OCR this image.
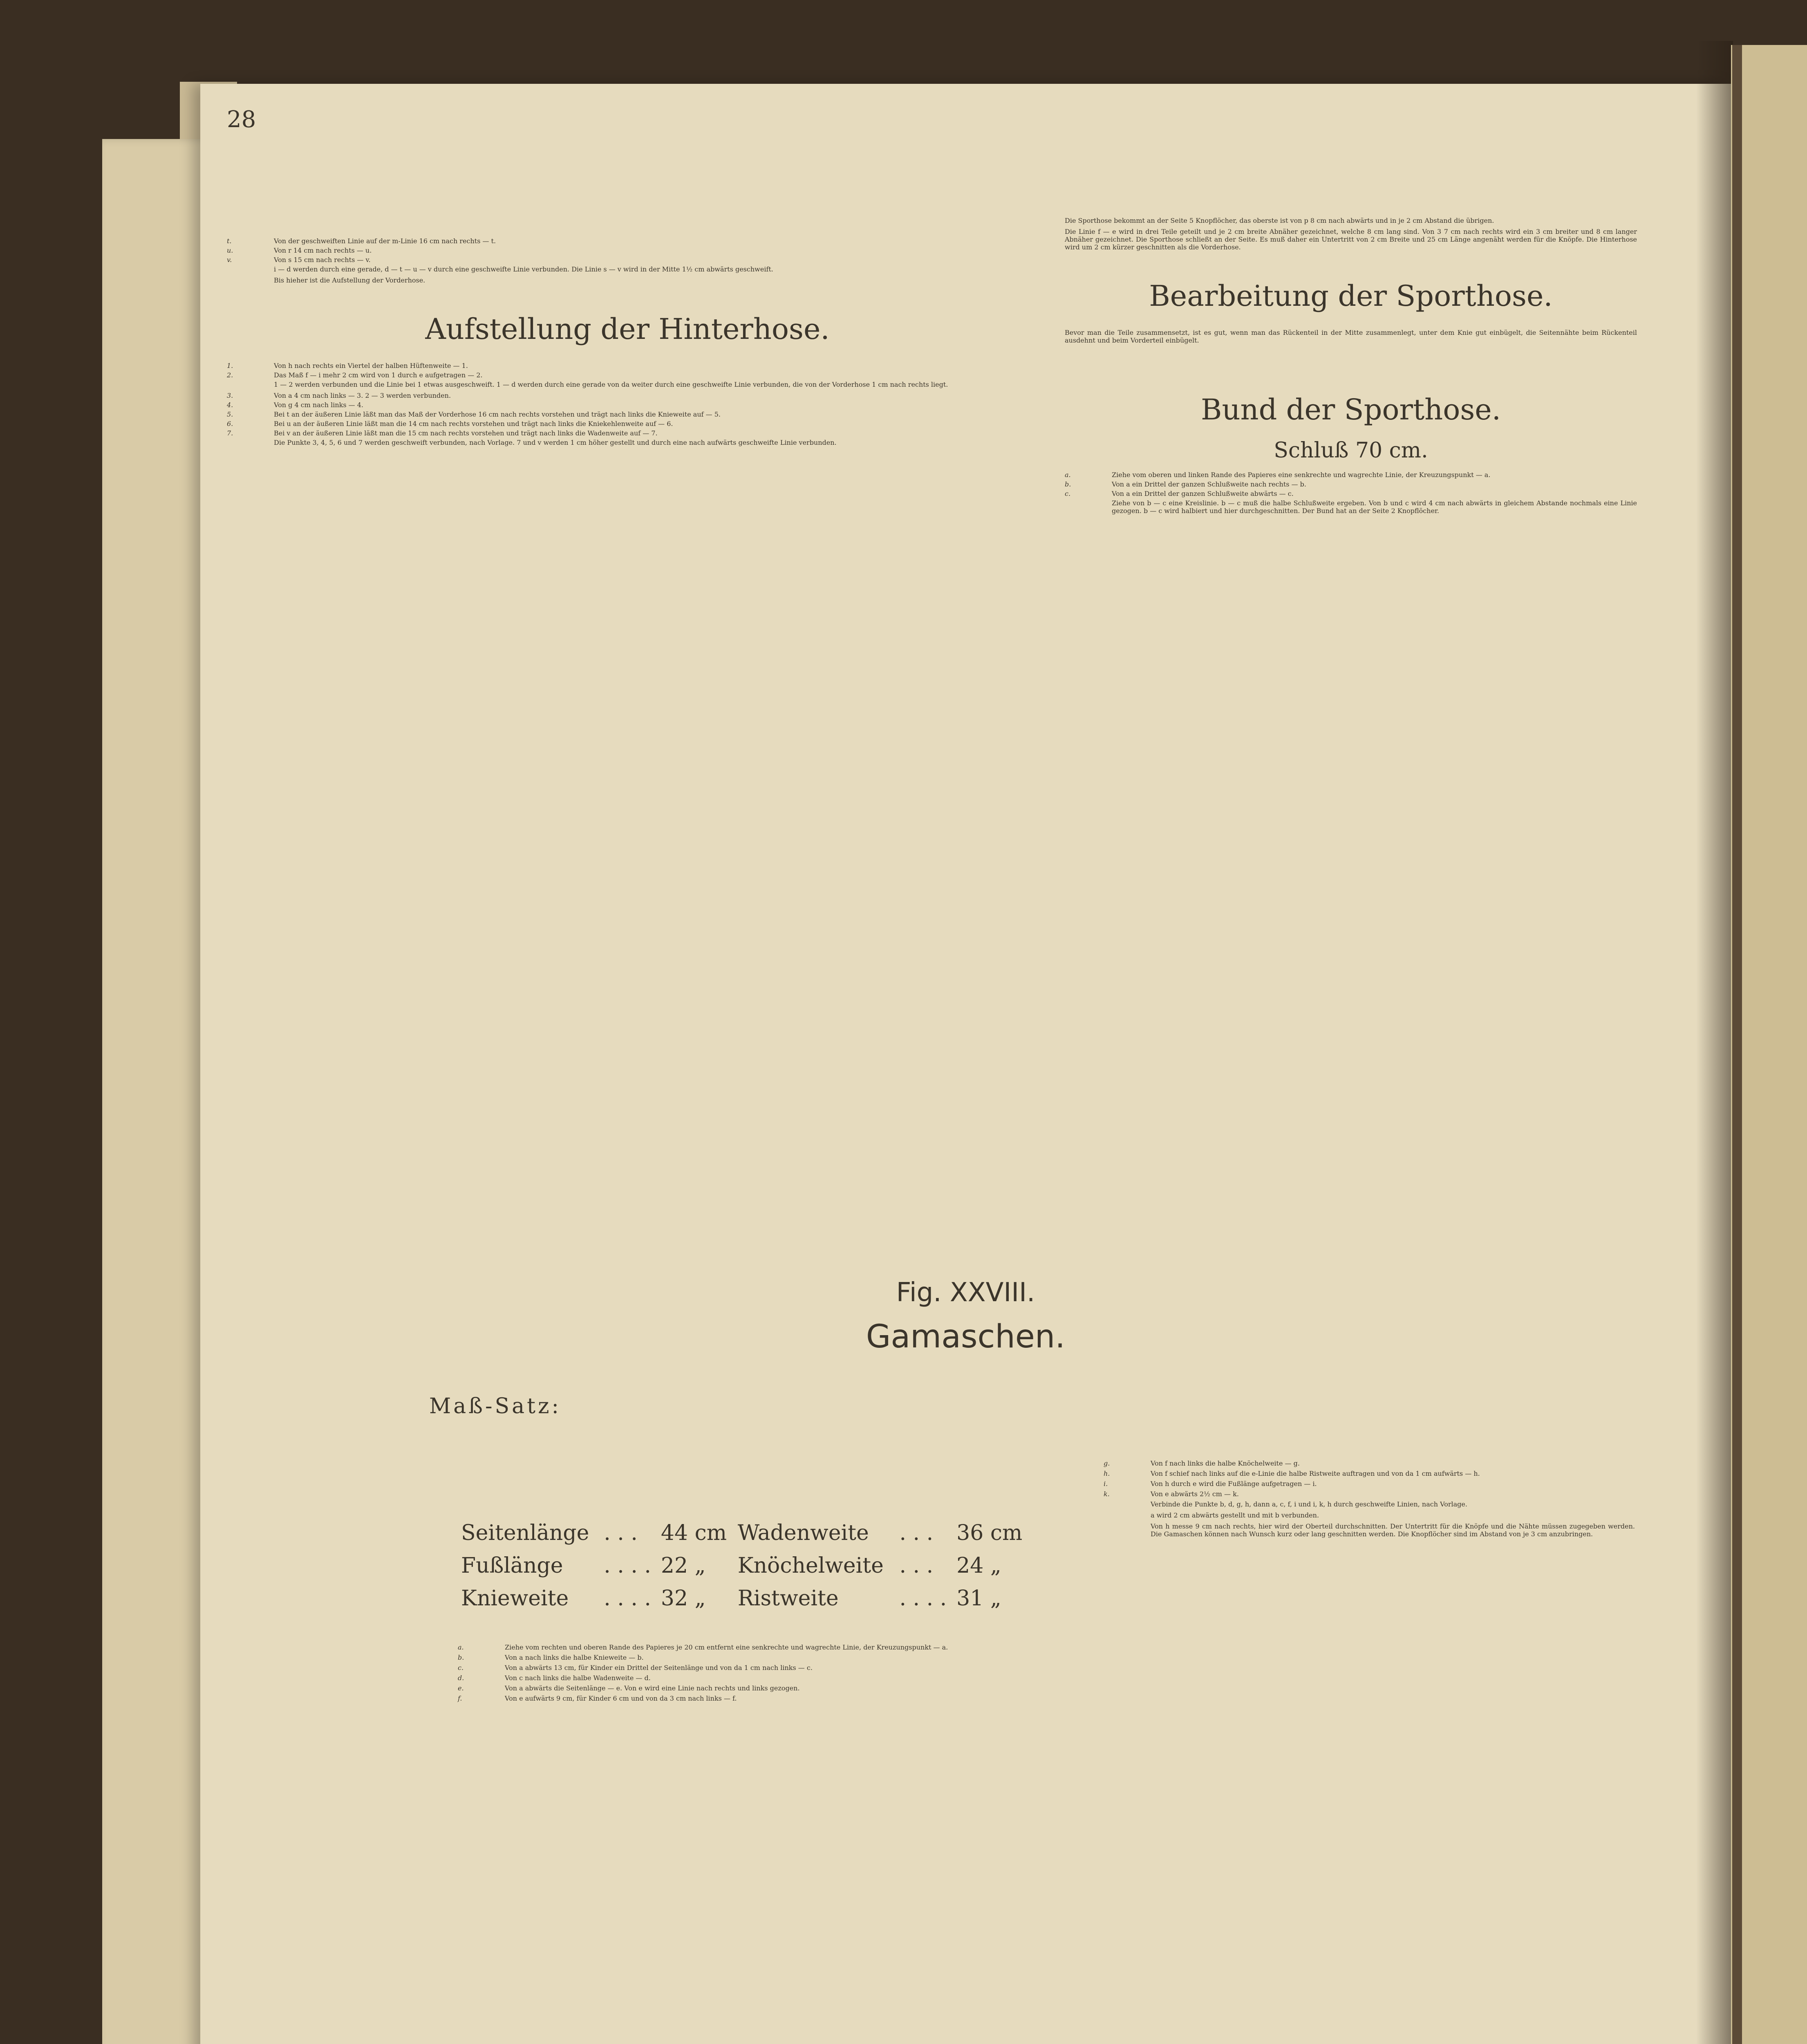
28
t.	Von der geschweiften Linie auf der m-Linie 16 cm nach rechts — t.
u.	Von r 14 cm nach rechts — u.
v.	Von s 15 cm nach rechts — v.

i — d werden durch eine gerade, d — t — u — v durch eine geschweifte Linie verbunden. Die Linie s — v wird in der Mitte 1½ cm abwärts geschweift.

Bis hieher ist die Aufstellung der Vorderhose.

Aufstellung der Hinterhose.
1.	Von h nach rechts ein Viertel der halben Hüftenweite — 1.
2.	Das Maß f — i mehr 2 cm wird von 1 durch e aufgetragen — 2.

1 — 2 werden verbunden und die Linie bei 1 etwas ausgeschweift. 1 — d werden durch eine gerade von da weiter durch eine geschweifte Linie verbunden, die von der Vorderhose 1 cm nach rechts liegt.

3.	Von a 4 cm nach links — 3. 2 — 3 werden verbunden.
4.	Von g 4 cm nach links — 4.
5.	Bei t an der äußeren Linie läßt man das Maß der Vorderhose 16 cm nach rechts vorstehen und trägt nach links die Knieweite auf — 5.
6.	Bei u an der äußeren Linie läßt man die 14 cm nach rechts vorstehen und trägt nach links die Kniekehlenweite auf — 6.
7.	Bei v an der äußeren Linie läßt man die 15 cm nach rechts vorstehen und trägt nach links die Wadenweite auf — 7.

Die Punkte 3, 4, 5, 6 und 7 werden geschweift verbunden, nach Vorlage. 7 und v werden 1 cm höher gestellt und durch eine nach aufwärts geschweifte Linie verbunden.

Die Sporthose bekommt an der Seite 5 Knopflöcher, das oberste ist von p 8 cm nach abwärts und in je 2 cm Abstand die übrigen.

Die Linie f — e wird in drei Teile geteilt und je 2 cm breite Abnäher gezeichnet, welche 8 cm lang sind. Von 3 7 cm nach rechts wird ein 3 cm breiter und 8 cm langer Abnäher gezeichnet. Die Sporthose schließt an der Seite. Es muß daher ein Untertritt von 2 cm Breite und 25 cm Länge angenäht werden für die Knöpfe. Die Hinterhose wird um 2 cm kürzer geschnitten als die Vorderhose.

Bearbeitung der Sporthose.

Bevor man die Teile zusammensetzt, ist es gut, wenn man das Rückenteil in der Mitte zusammenlegt, unter dem Knie gut einbügelt, die Seitennähte beim Rückenteil ausdehnt und beim Vorderteil einbügelt.

Bund der Sporthose.
Schluß 70 cm.
a.	Ziehe vom oberen und linken Rande des Papieres eine senkrechte und wagrechte Linie, der Kreuzungspunkt — a.
b.	Von a ein Drittel der ganzen Schlußweite nach rechts — b.
c.	Von a ein Drittel der ganzen Schlußweite abwärts — c.

Ziehe von b — c eine Kreislinie. b — c muß die halbe Schlußweite ergeben. Von b und c wird 4 cm nach abwärts in gleichem Abstande nochmals eine Linie gezogen. b — c wird halbiert und hier durchgeschnitten. Der Bund hat an der Seite 2 Knopflöcher.

Fig. XXVIII.
Gamaschen.
Maß-Satz:
Seitenlänge	. . .	44 cm	Wadenweite	. . .	36 cm
Fußlänge	. . . .	22 „	Knöchelweite	. . .	24 „
Knieweite	. . . .	32 „	Ristweite	. . . .	31 „
a.	Ziehe vom rechten und oberen Rande des Papieres je 20 cm entfernt eine senkrechte und wagrechte Linie, der Kreuzungspunkt — a.
b.	Von a nach links die halbe Knieweite — b.
c.	Von a abwärts 13 cm, für Kinder ein Drittel der Seitenlänge und von da 1 cm nach links — c.
d.	Von c nach links die halbe Wadenweite — d.
e.	Von a abwärts die Seitenlänge — e. Von e wird eine Linie nach rechts und links gezogen.
f.	Von e aufwärts 9 cm, für Kinder 6 cm und von da 3 cm nach links — f.
g.	Von f nach links die halbe Knöchelweite — g.
h.	Von f schief nach links auf die e-Linie die halbe Ristweite auftragen und von da 1 cm aufwärts — h.
i.	Von h durch e wird die Fußlänge aufgetragen — i.
k.	Von e abwärts 2½ cm — k.

Verbinde die Punkte b, d, g, h, dann a, c, f, i und i, k, h durch geschweifte Linien, nach Vorlage.

a wird 2 cm abwärts gestellt und mit b verbunden.

Von h messe 9 cm nach rechts, hier wird der Oberteil durchschnitten. Der Untertritt für die Knöpfe und die Nähte müssen zugegeben werden. Die Gamaschen können nach Wunsch kurz oder lang geschnitten werden. Die Knopflöcher sind im Abstand von je 3 cm anzubringen.
